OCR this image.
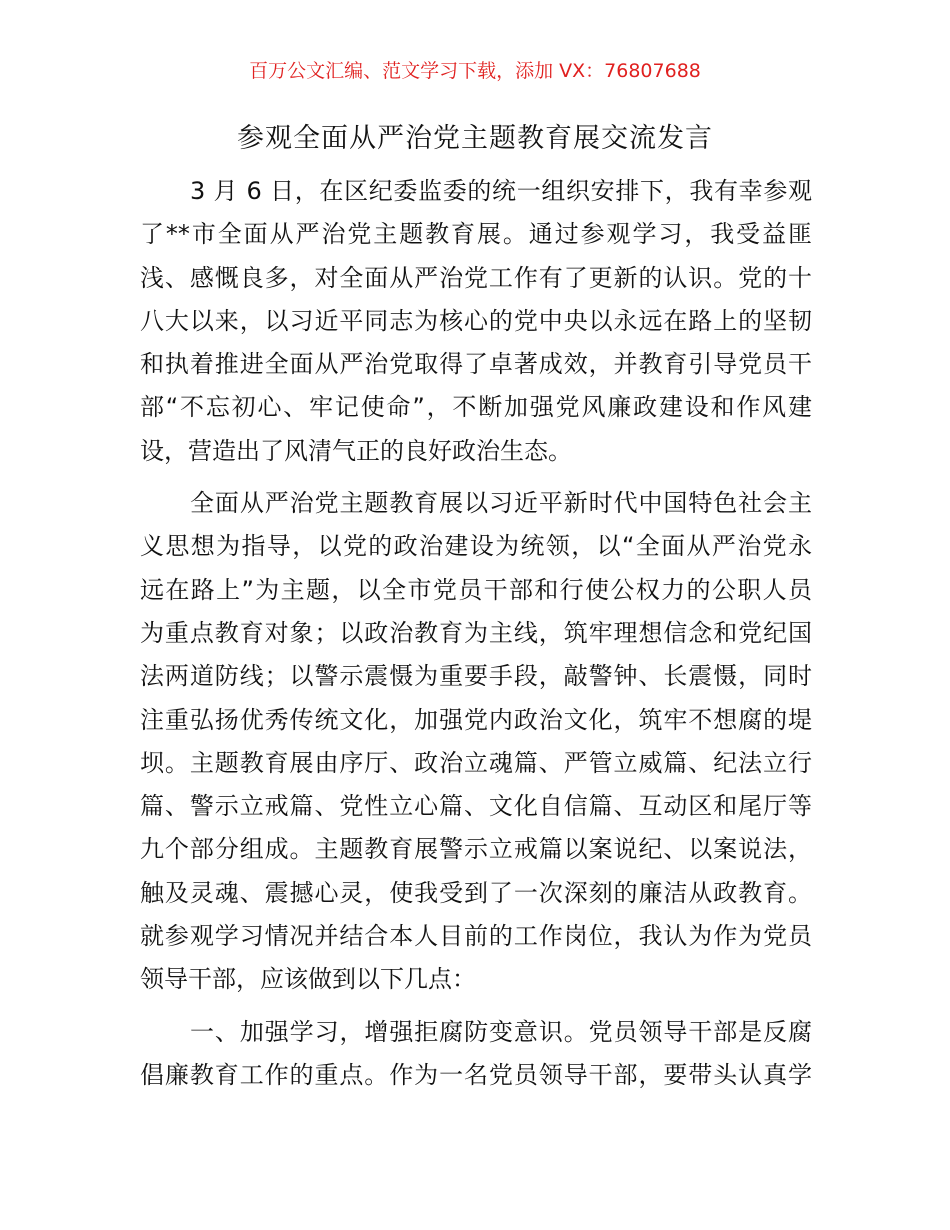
百万公文汇编、范文学习下载，添加 VX：76807688
参观全面从严治党主题教育展交流发言
3 月 6 日，在区纪委监委的统一组织安排下，我有幸参观
了**市全面从严治党主题教育展。通过参观学习，我受益匪
浅、感慨良多，对全面从严治党工作有了更新的认识。党的十
八大以来，以习近平同志为核心的党中央以永远在路上的坚韧
和执着推进全面从严治党取得了卓著成效，并教育引导党员干
部“不忘初心、牢记使命”，不断加强党风廉政建设和作风建
设，营造出了风清气正的良好政治生态。
全面从严治党主题教育展以习近平新时代中国特色社会主
义思想为指导，以党的政治建设为统领，以“全面从严治党永
远在路上”为主题，以全市党员干部和行使公权力的公职人员
为重点教育对象；以政治教育为主线，筑牢理想信念和党纪国
法两道防线；以警示震慑为重要手段，敲警钟、长震慑，同时
注重弘扬优秀传统文化，加强党内政治文化，筑牢不想腐的堤
坝。主题教育展由序厅、政治立魂篇、严管立威篇、纪法立行
篇、警示立戒篇、党性立心篇、文化自信篇、互动区和尾厅等
九个部分组成。主题教育展警示立戒篇以案说纪、以案说法，
触及灵魂、震撼心灵，使我受到了一次深刻的廉洁从政教育。
就参观学习情况并结合本人目前的工作岗位，我认为作为党员
领导干部，应该做到以下几点：
一、加强学习，增强拒腐防变意识。党员领导干部是反腐
倡廉教育工作的重点。作为一名党员领导干部，要带头认真学
